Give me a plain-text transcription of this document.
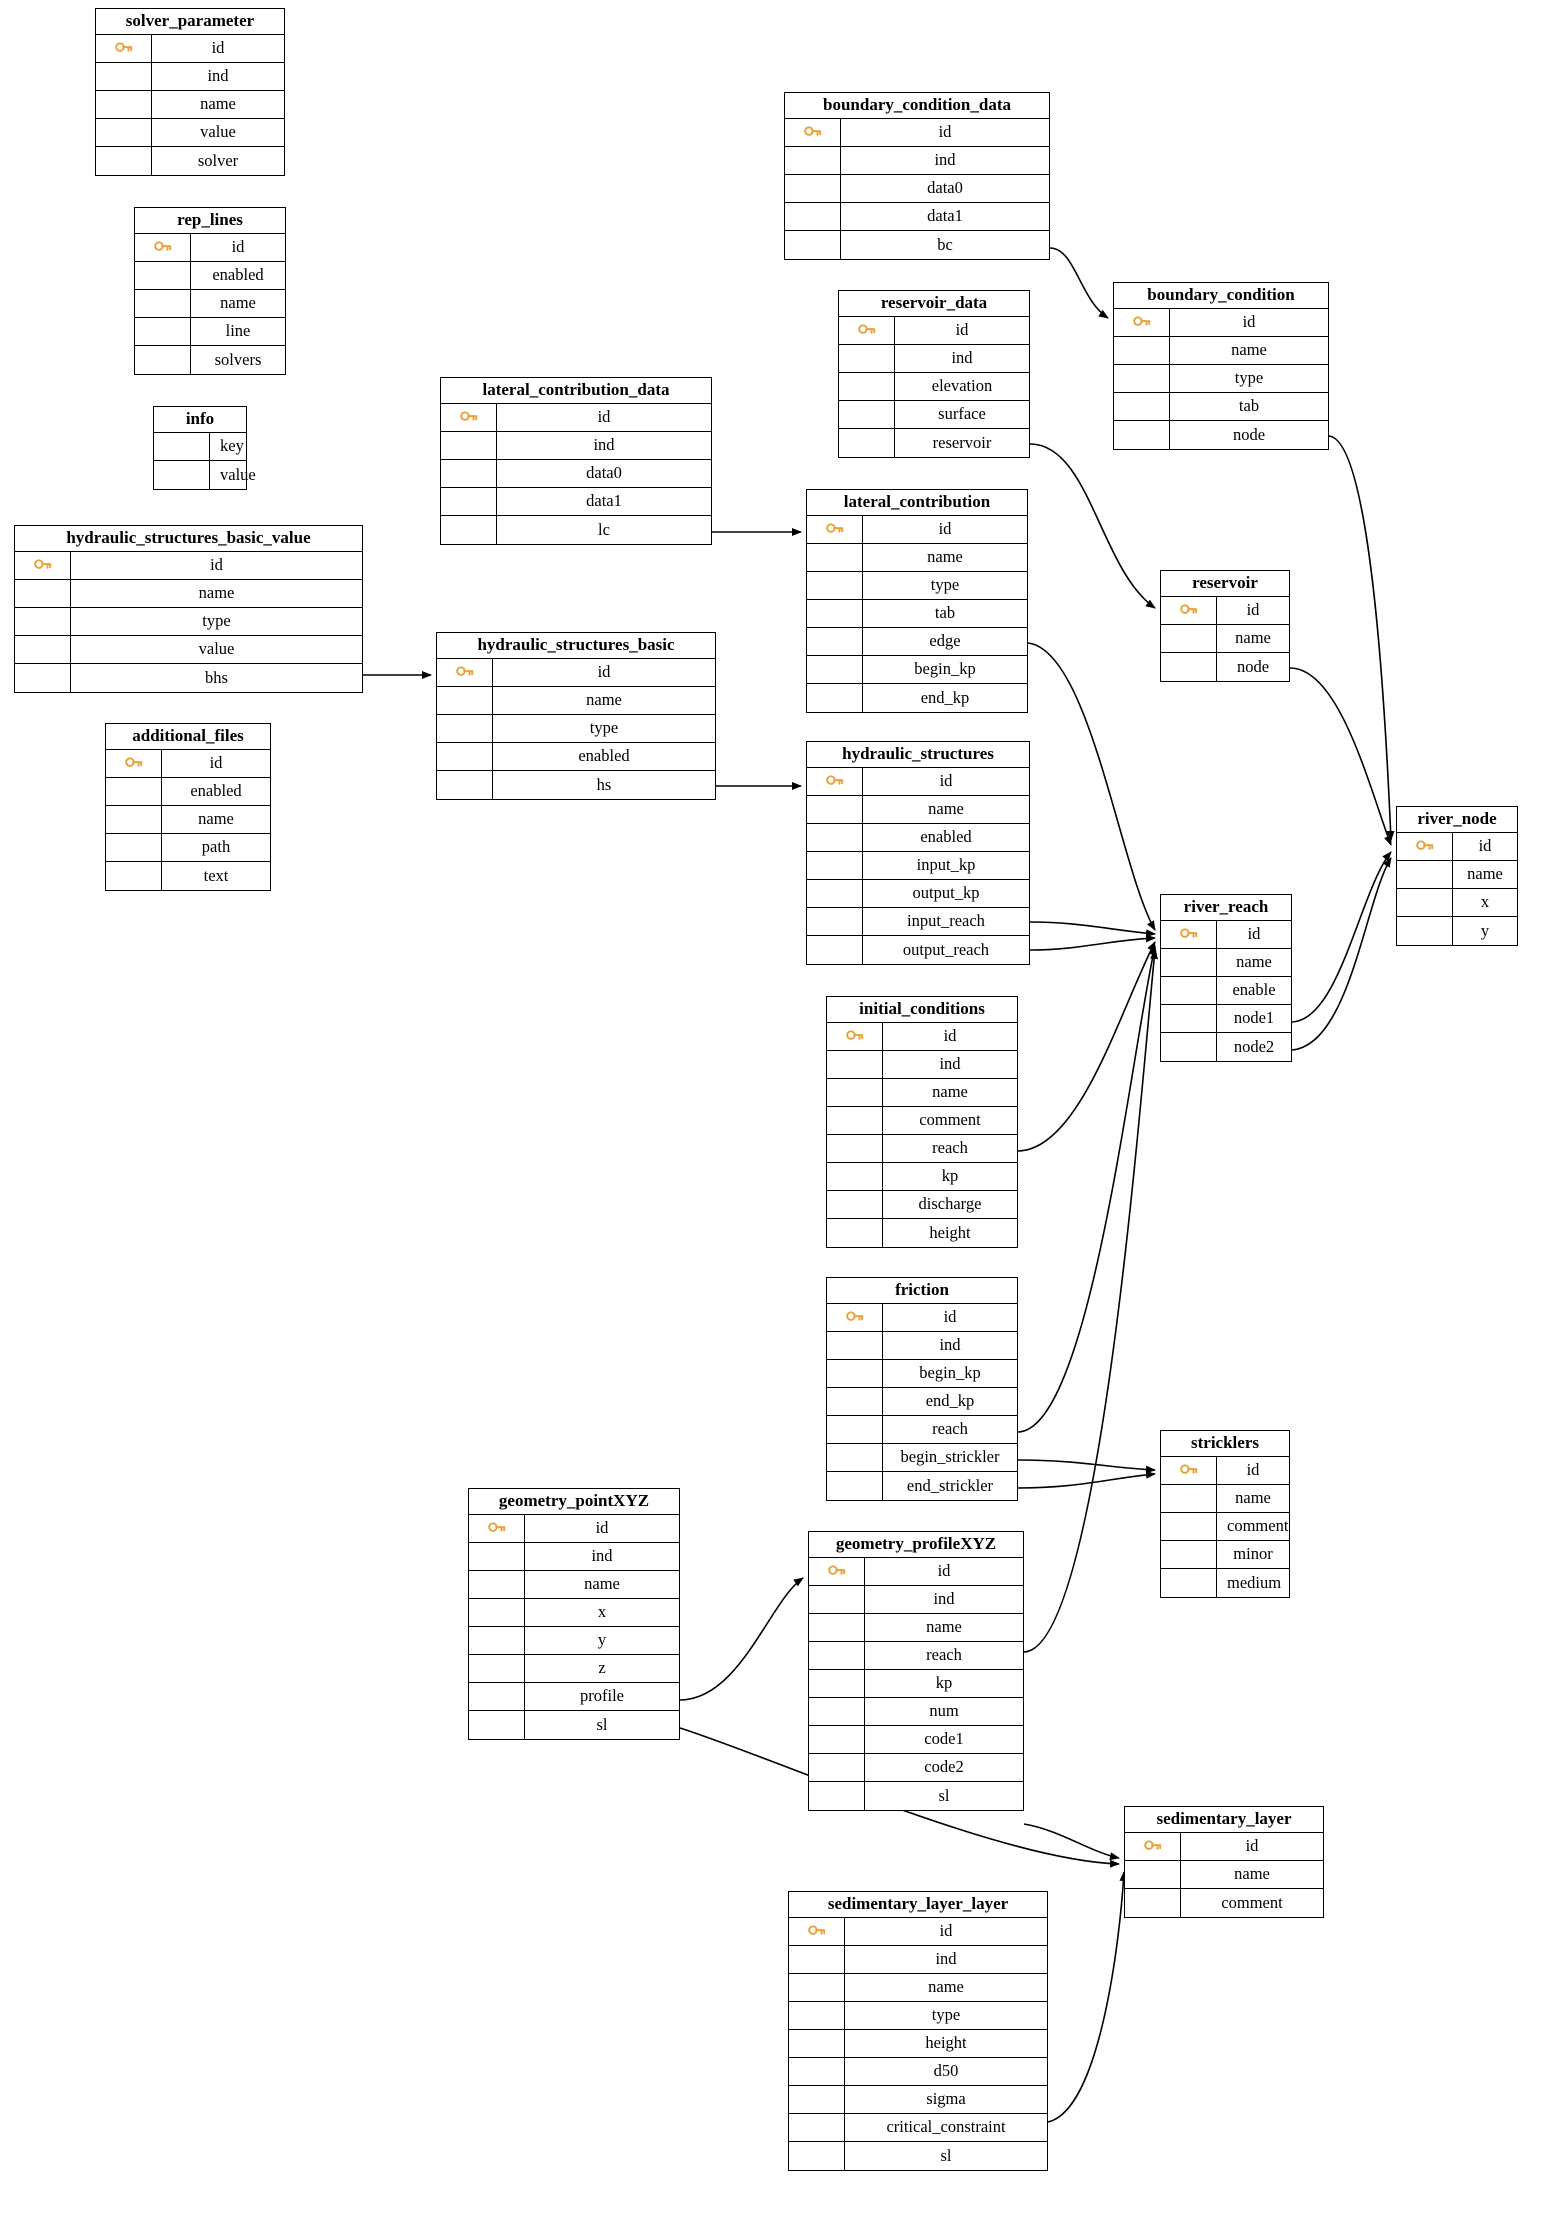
solver_parameter
id
ind
name
value
solver
rep_lines
id
enabled
name
line
solvers
info
key
value
hydraulic_structures_basic_value
id
name
type
value
bhs
additional_files
id
enabled
name
path
text
lateral_contribution_data
id
ind
data0
data1
lc
hydraulic_structures_basic
id
name
type
enabled
hs
boundary_condition_data
id
ind
data0
data1
bc
reservoir_data
id
ind
elevation
surface
reservoir
lateral_contribution
id
name
type
tab
edge
begin_kp
end_kp
hydraulic_structures
id
name
enabled
input_kp
output_kp
input_reach
output_reach
initial_conditions
id
ind
name
comment
reach
kp
discharge
height
friction
id
ind
begin_kp
end_kp
reach
begin_strickler
end_strickler
geometry_pointXYZ
id
ind
name
x
y
z
profile
sl
geometry_profileXYZ
id
ind
name
reach
kp
num
code1
code2
sl
sedimentary_layer_layer
id
ind
name
type
height
d50
sigma
critical_constraint
sl
boundary_condition
id
name
type
tab
node
reservoir
id
name
node
river_reach
id
name
enable
node1
node2
river_node
id
name
x
y
stricklers
id
name
comment
minor
medium
sedimentary_layer
id
name
comment
